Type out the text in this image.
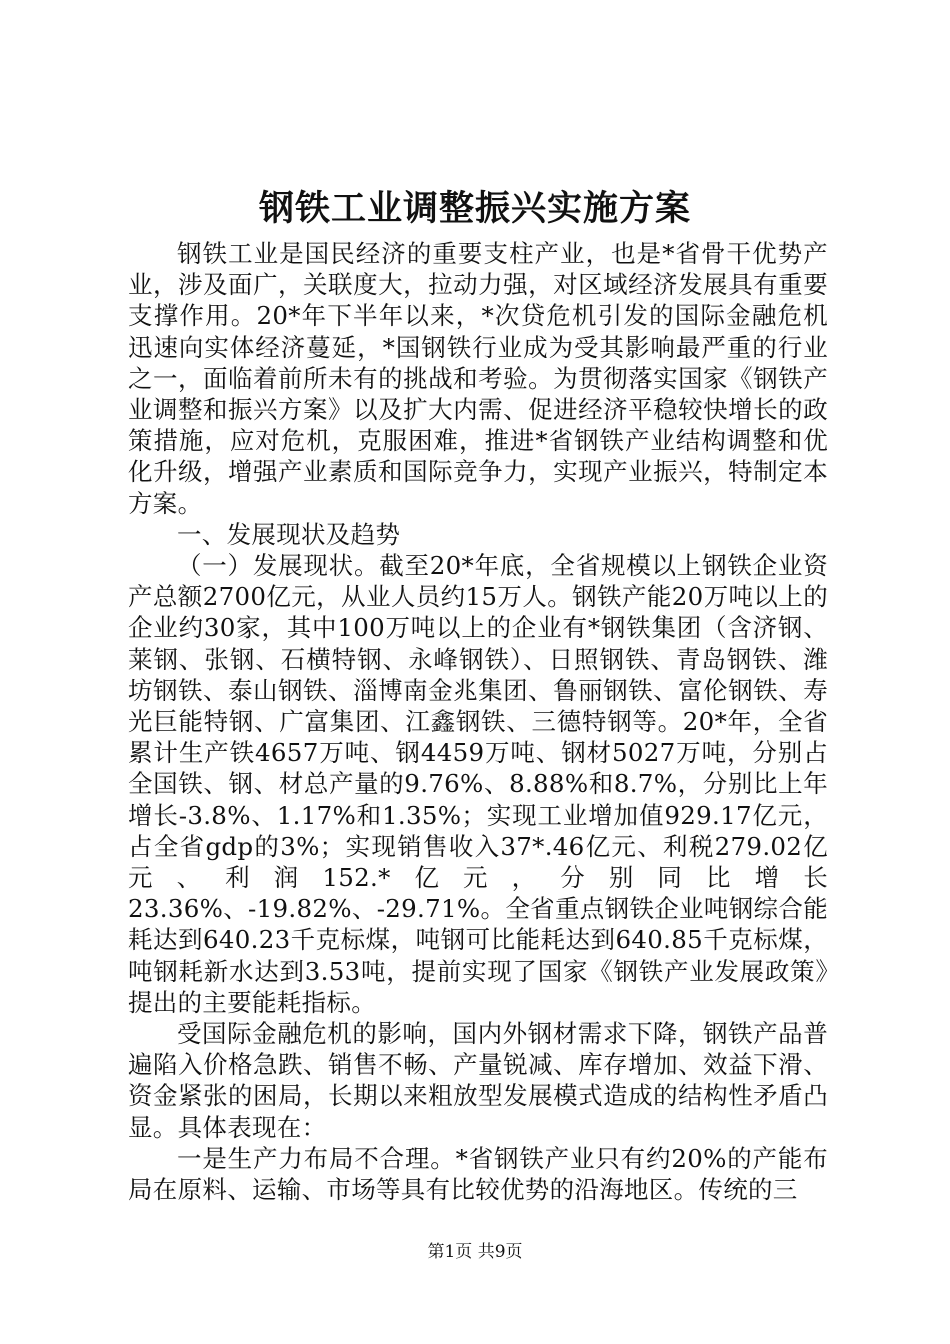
钢铁工业调整振兴实施方案

钢铁工业是国民经济的重要支柱产业，也是*省骨干优势产业，涉及面广，关联度大，拉动力强，对区域经济发展具有重要支撑作用。20*年下半年以来，*次贷危机引发的国际金融危机迅速向实体经济蔓延，*国钢铁行业成为受其影响最严重的行业之一，面临着前所未有的挑战和考验。为贯彻落实国家《钢铁产业调整和振兴方案》以及扩大内需、促进经济平稳较快增长的政策措施，应对危机，克服困难，推进*省钢铁产业结构调整和优化升级，增强产业素质和国际竞争力，实现产业振兴，特制定本方案。

一、发展现状及趋势

（一）发展现状。截至20*年底，全省规模以上钢铁企业资产总额2700亿元，从业人员约15万人。钢铁产能20万吨以上的企业约30家，其中100万吨以上的企业有*钢铁集团（含济钢、莱钢、张钢、石横特钢、永峰钢铁）、日照钢铁、青岛钢铁、潍坊钢铁、泰山钢铁、淄博南金兆集团、鲁丽钢铁、富伦钢铁、寿光巨能特钢、广富集团、江鑫钢铁、三德特钢等。20*年，全省累计生产铁4657万吨、钢4459万吨、钢材5027万吨，分别占全国铁、钢、材总产量的9.76%、8.88%和8.7%，分别比上年增长-3.8%、1.17%和1.35%；实现工业增加值929.17亿元，占全省gdp的3%；实现销售收入37*.46亿元、利税279.02亿元、利润152.*亿元，分别同比增长23.36%、-19.82%、-29.71%。全省重点钢铁企业吨钢综合能耗达到640.23千克标煤，吨钢可比能耗达到640.85千克标煤，吨钢耗新水达到3.53吨，提前实现了国家《钢铁产业发展政策》提出的主要能耗指标。

受国际金融危机的影响，国内外钢材需求下降，钢铁产品普遍陷入价格急跌、销售不畅、产量锐减、库存增加、效益下滑、资金紧张的困局，长期以来粗放型发展模式造成的结构性矛盾凸显。具体表现在：

一是生产力布局不合理。*省钢铁产业只有约20%的产能布局在原料、运输、市场等具有比较优势的沿海地区。传统的三

第1页 共9页
